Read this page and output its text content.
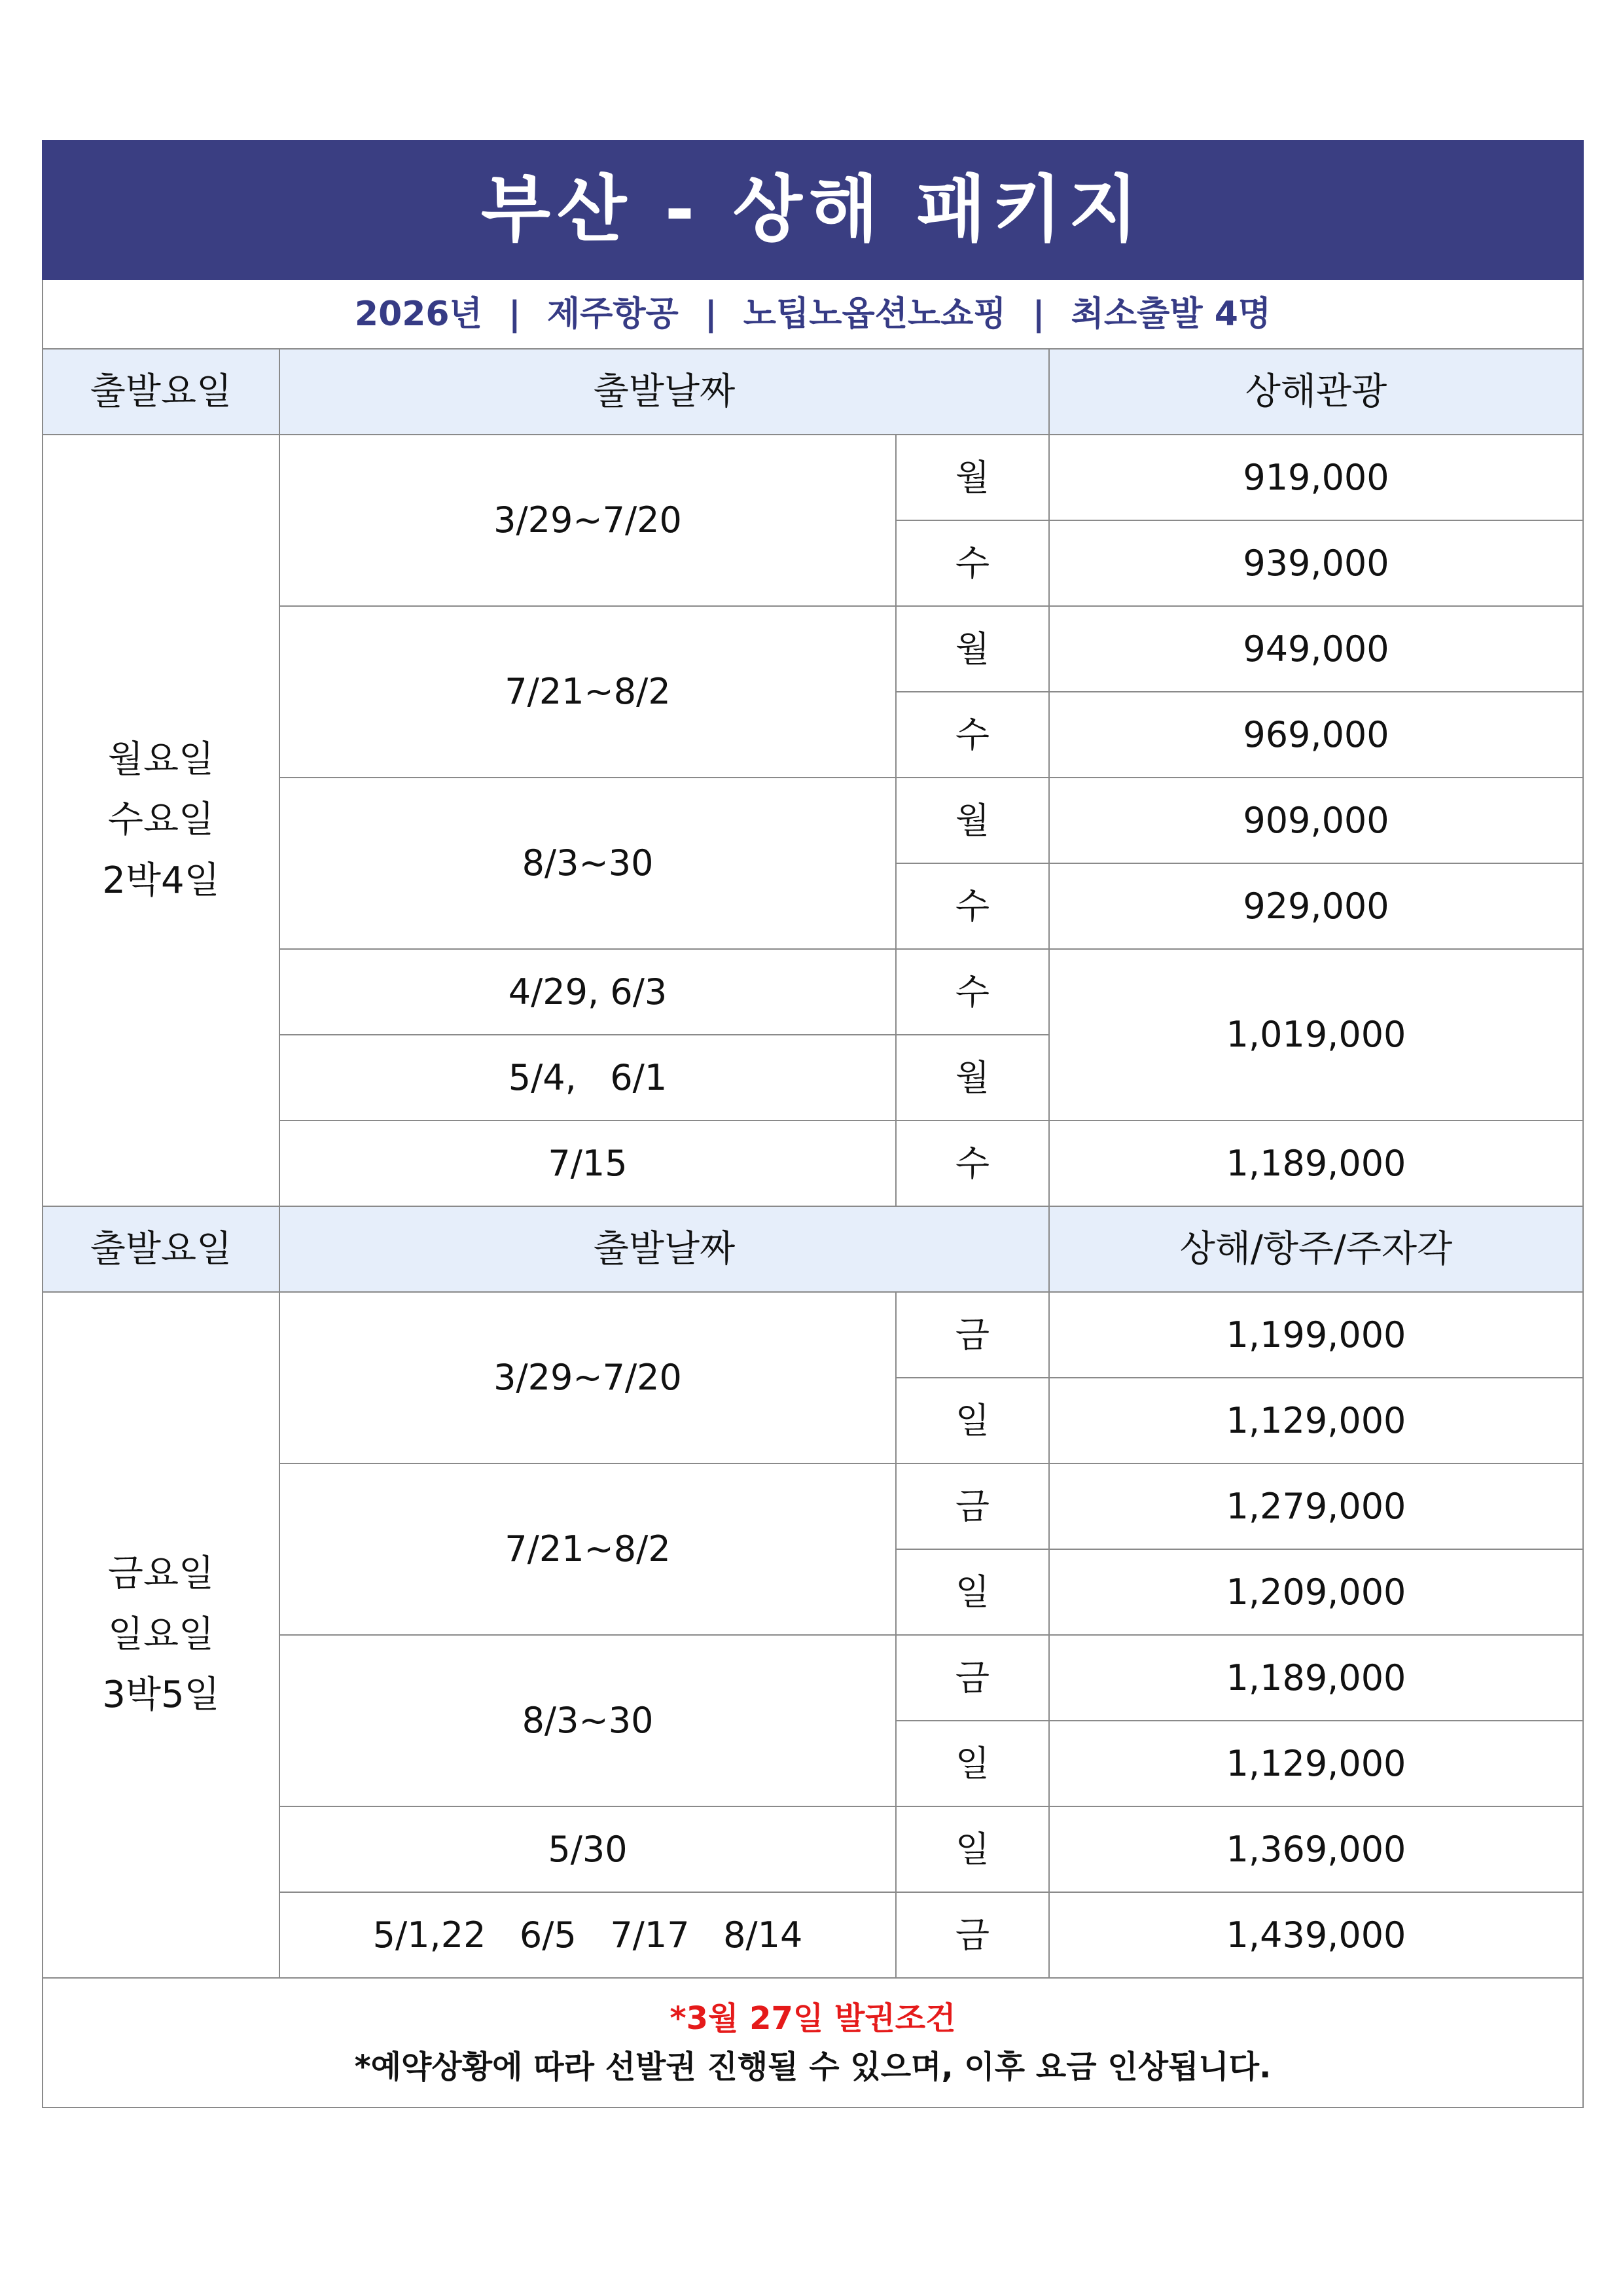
부산 - 상해 패키지			
2026년 | 제주항공 | 노팁노옵션노쇼핑 | 최소출발 4명			
출발요일	출발날짜		상해관광

월요일
수요일
2박4일	3/29~7/20	월	919,000
		수	939,000
	7/21~8/2	월	949,000
		수	969,000
	8/3~30	월	909,000
		수	929,000
	4/29, 6/3	수	1,019,000
	5/4,   6/1	월	
	7/15	수	1,189,000
출발요일	출발날짜		상해/항주/주자각

금요일
일요일
3박5일	3/29~7/20	금	1,199,000
		일	1,129,000
	7/21~8/2	금	1,279,000
		일	1,209,000
	8/3~30	금	1,189,000
		일	1,129,000
	5/30	일	1,369,000
	5/1,22   6/5   7/17   8/14	금	1,439,000

*3월 27일 발권조건
*예약상황에 따라 선발권 진행될 수 있으며, 이후 요금 인상됩니다.			
